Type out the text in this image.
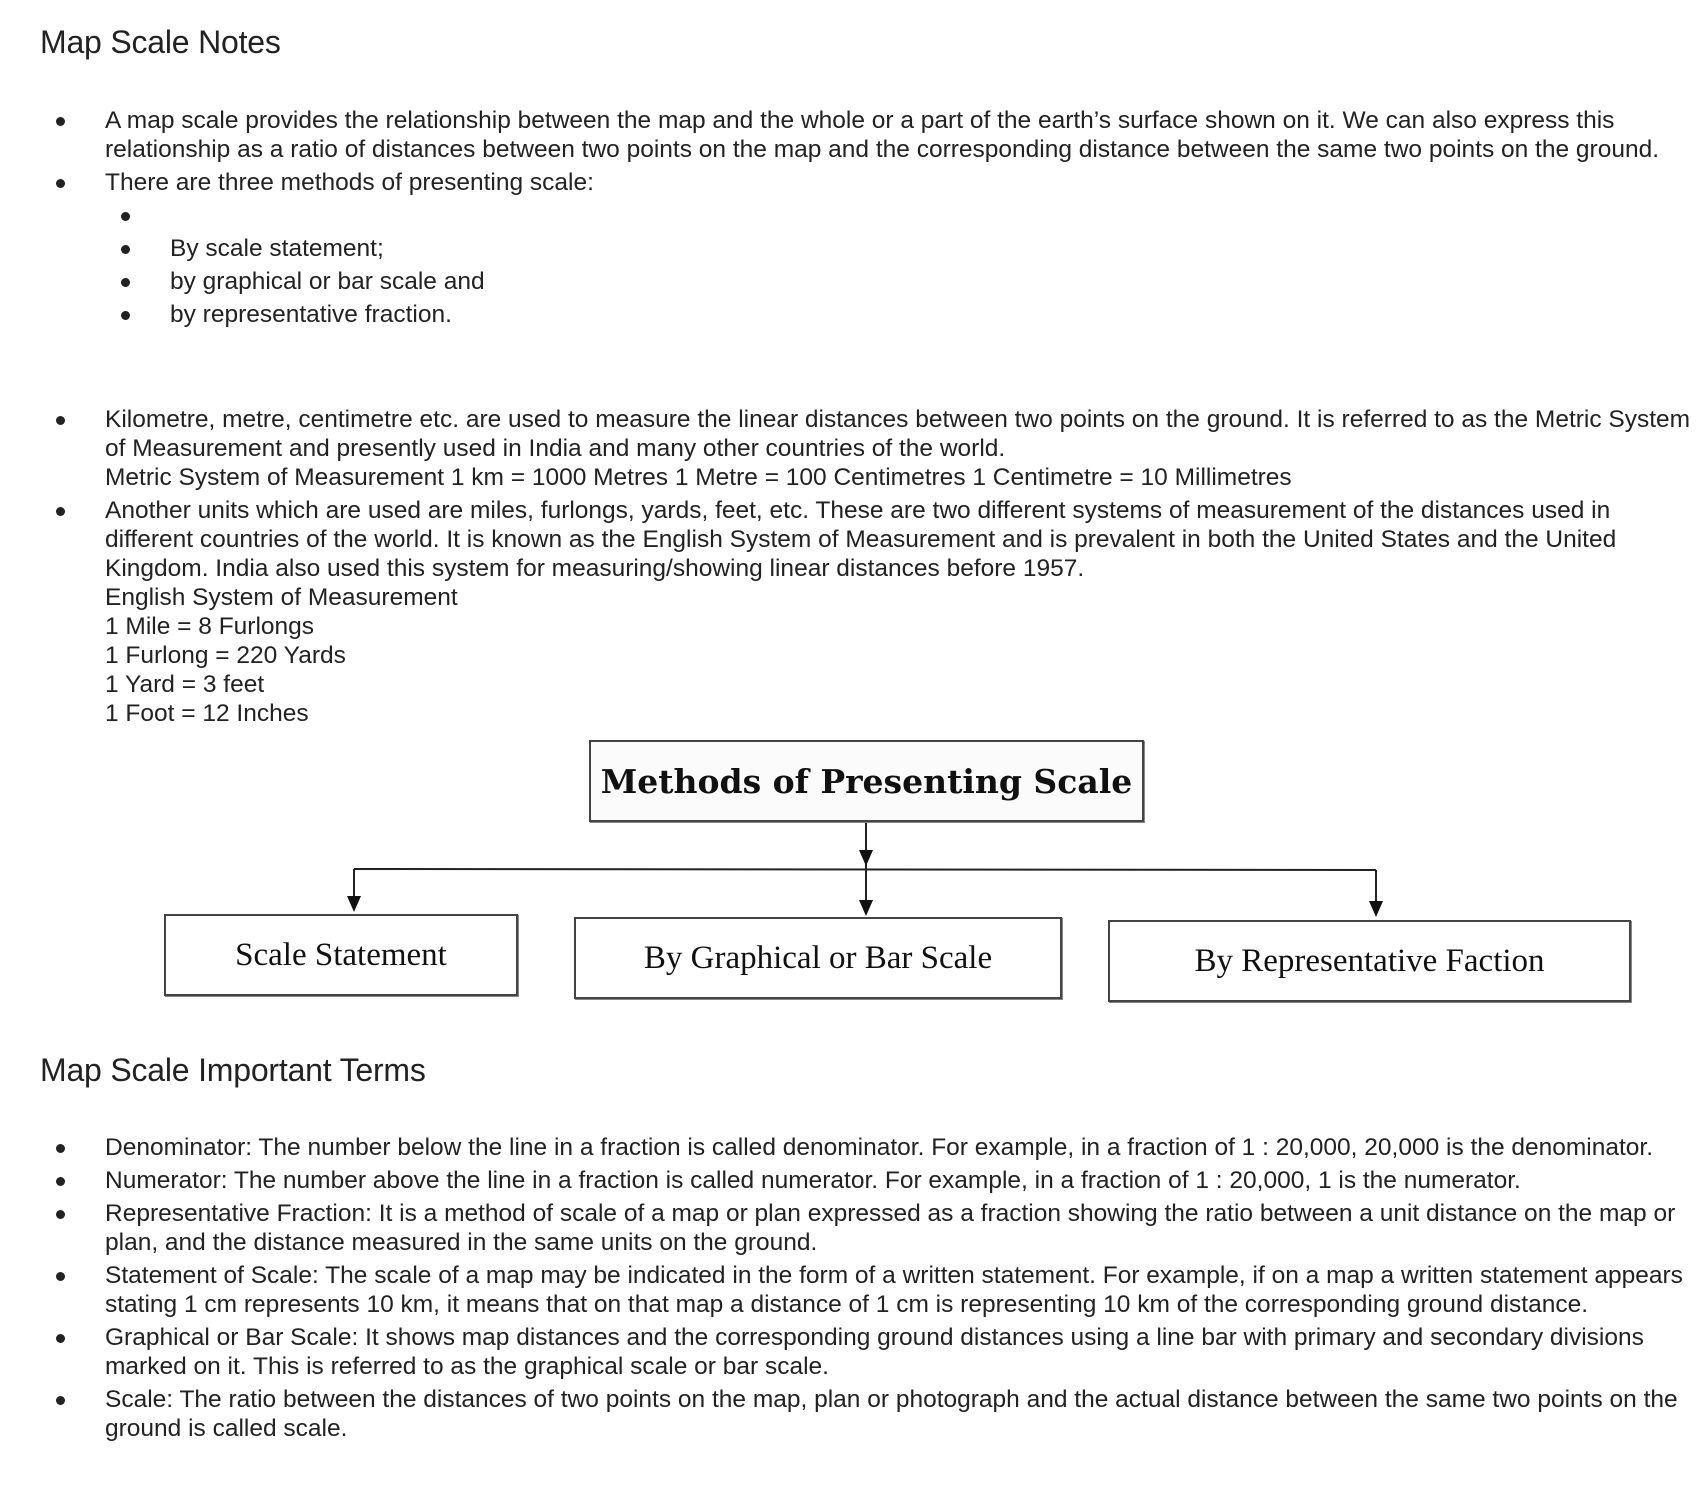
Map Scale Notes
A map scale provides the relationship between the map and the whole or a part of the earth’s surface shown on it. We can also express this relationship as a ratio of distances between two points on the map and the corresponding distance between the same two points on the ground.
There are three methods of presenting scale:
By scale statement;
by graphical or bar scale and
by representative fraction.
Kilometre, metre, centimetre etc. are used to measure the linear distances between two points on the ground. It is referred to as the Metric System of Measurement and presently used in India and many other countries of the world.
Metric System of Measurement 1 km = 1000 Metres 1 Metre = 100 Centimetres 1 Centimetre = 10 Millimetres
Another units which are used are miles, furlongs, yards, feet, etc. These are two different systems of measurement of the distances used in different countries of the world. It is known as the English System of Measurement and is prevalent in both the United States and the United Kingdom. India also used this system for measuring/showing linear distances before 1957.
English System of Measurement
1 Mile = 8 Furlongs
1 Furlong = 220 Yards
1 Yard = 3 feet
1 Foot = 12 Inches
Methods of Presenting Scale
Scale Statement	By Graphical or Bar Scale	By Representative Faction
Map Scale Important Terms
Denominator: The number below the line in a fraction is called denominator. For example, in a fraction of 1 : 20,000, 20,000 is the denominator.
Numerator: The number above the line in a fraction is called numerator. For example, in a fraction of 1 : 20,000, 1 is the numerator.
Representative Fraction: It is a method of scale of a map or plan expressed as a fraction showing the ratio between a unit distance on the map or plan, and the distance measured in the same units on the ground.
Statement of Scale: The scale of a map may be indicated in the form of a written statement. For example, if on a map a written statement appears stating 1 cm represents 10 km, it means that on that map a distance of 1 cm is representing 10 km of the corresponding ground distance.
Graphical or Bar Scale: It shows map distances and the corresponding ground distances using a line bar with primary and secondary divisions marked on it. This is referred to as the graphical scale or bar scale.
Scale: The ratio between the distances of two points on the map, plan or photograph and the actual distance between the same two points on the ground is called scale.
